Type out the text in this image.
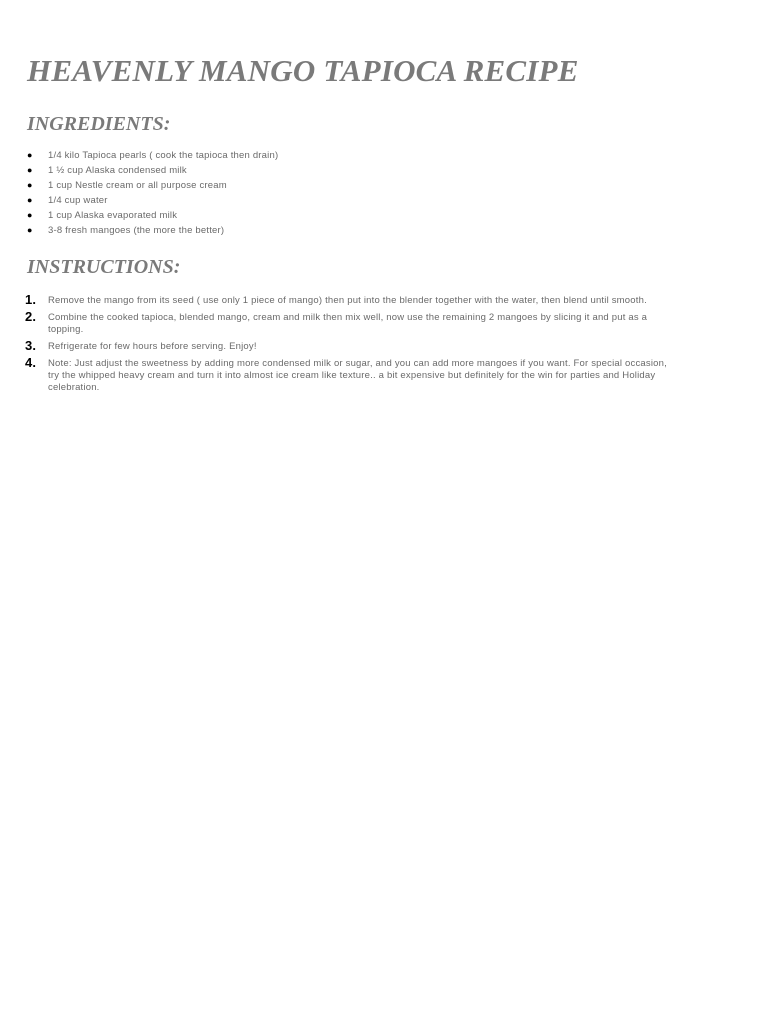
HEAVENLY MANGO TAPIOCA RECIPE
INGREDIENTS:
● 1/4 kilo Tapioca pearls ( cook the tapioca then drain)
● 1 ½ cup Alaska condensed milk
● 1 cup Nestle cream or all purpose cream
● 1/4 cup water
● 1 cup Alaska evaporated milk
● 3-8 fresh mangoes (the more the better)
INSTRUCTIONS:
1. Remove the mango from its seed ( use only 1 piece of mango) then put into the blender together with the water, then blend until smooth.
2. Combine the cooked tapioca, blended mango, cream and milk then mix well, now use the remaining 2 mangoes by slicing it and put as a topping.
3. Refrigerate for few hours before serving. Enjoy!
4. Note: Just adjust the sweetness by adding more condensed milk or sugar, and you can add more mangoes if you want. For special occasion, try the whipped heavy cream and turn it into almost ice cream like texture.. a bit expensive but definitely for the win for parties and Holiday celebration.
